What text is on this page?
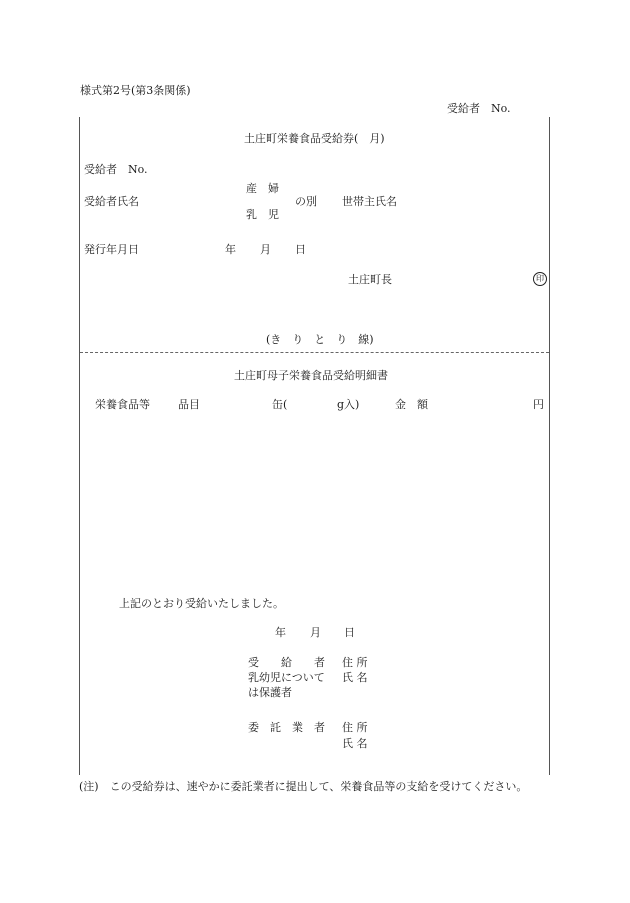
様式第2号(第3条関係)
受給者　No.
土庄町栄養食品受給券(　月)
受給者　No.
産　婦
受給者氏名	の別 世帯主氏名
乳　児
発行年月日	年 月 日
土庄町長	印
(き　り　と　り　線)
土庄町母子栄養食品受給明細書
栄養食品等	品目	缶(	g入)	金　額	円
上記のとおり受給いたしました。
年 月 日
受　　給　　者 住 所
乳幼児について 氏 名
は保護者
委　託　業　者 住 所
氏 名
(注)　この受給券は、速やかに委託業者に提出して、栄養食品等の支給を受けてください。
